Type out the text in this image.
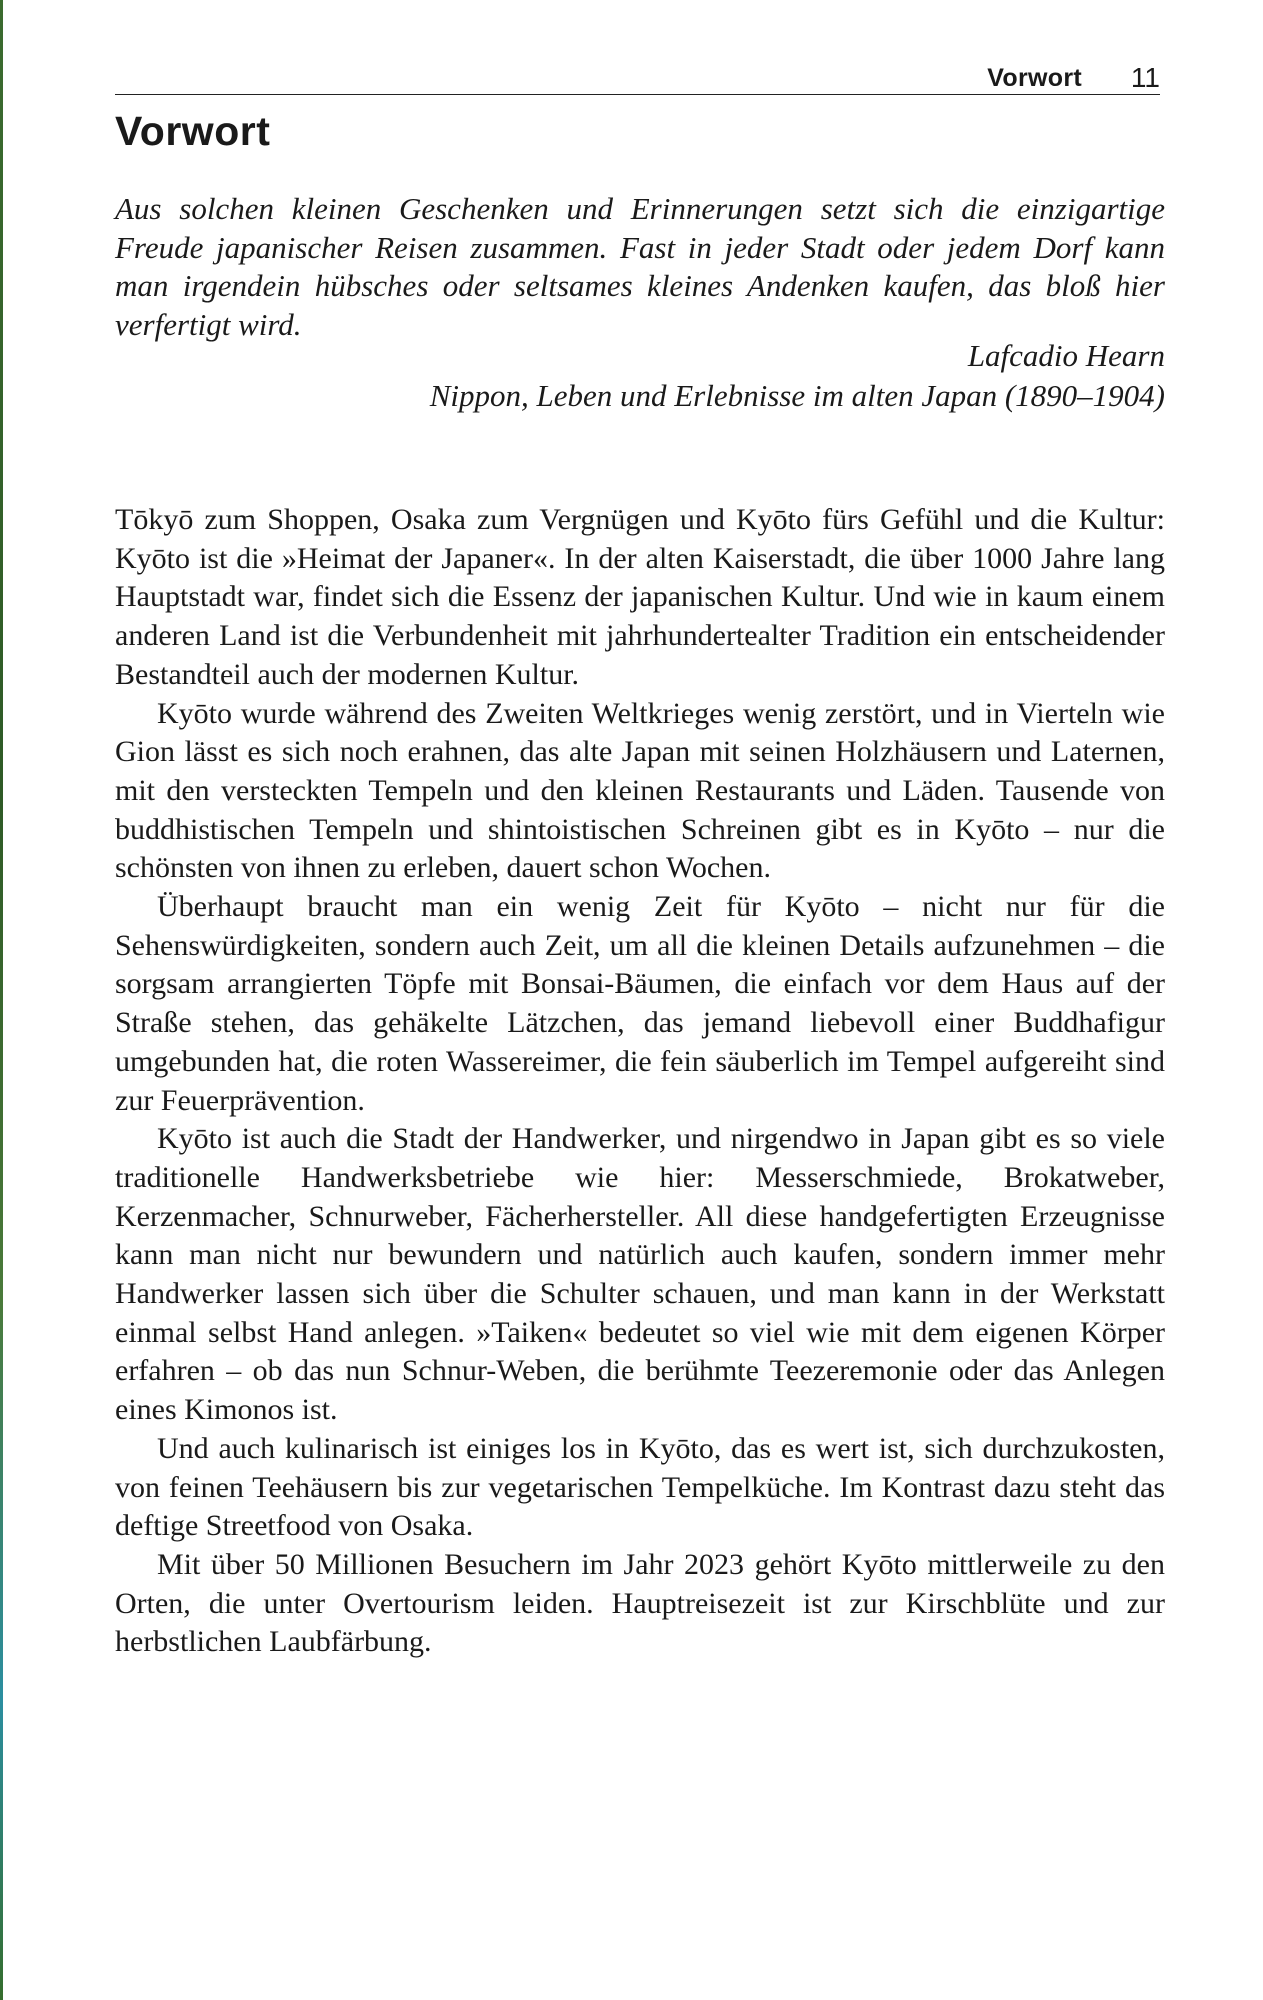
Vorwort 11
Vorwort

Aus solchen kleinen Geschenken und Erinnerungen setzt sich die einzigartige Freude japanischer Reisen zusammen. Fast in jeder Stadt oder jedem Dorf kann man irgendein hübsches oder seltsames kleines Andenken kaufen, das bloß hier verfertigt wird.

Lafcadio Hearn

Nippon, Leben und Erlebnisse im alten Japan (1890–1904)

Tōkyō zum Shoppen, Osaka zum Vergnügen und Kyōto fürs Gefühl und die Kultur: Kyōto ist die »Heimat der Japaner«. In der alten Kaiserstadt, die über 1000 Jahre lang Hauptstadt war, findet sich die Essenz der japanischen Kultur. Und wie in kaum einem anderen Land ist die Verbundenheit mit jahrhundertealter Tradition ein entscheidender Bestandteil auch der modernen Kultur.

Kyōto wurde während des Zweiten Weltkrieges wenig zerstört, und in Vierteln wie Gion lässt es sich noch erahnen, das alte Japan mit seinen Holzhäusern und Laternen, mit den versteckten Tempeln und den kleinen Restaurants und Läden. Tausende von buddhistischen Tempeln und shintoistischen Schreinen gibt es in Kyōto – nur die schönsten von ihnen zu erleben, dauert schon Wochen.

Überhaupt braucht man ein wenig Zeit für Kyōto – nicht nur für die Sehenswürdigkeiten, sondern auch Zeit, um all die kleinen Details aufzunehmen – die sorgsam arrangierten Töpfe mit Bonsai-Bäumen, die einfach vor dem Haus auf der Straße stehen, das gehäkelte Lätzchen, das jemand liebevoll einer Buddhafigur umgebunden hat, die roten Wassereimer, die fein säuberlich im Tempel aufgereiht sind zur Feuerprävention.

Kyōto ist auch die Stadt der Handwerker, und nirgendwo in Japan gibt es so viele traditionelle Handwerksbetriebe wie hier: Messerschmiede, Brokatweber, Kerzenmacher, Schnurweber, Fächerhersteller. All diese handgefertigten Erzeugnisse kann man nicht nur bewundern und natürlich auch kaufen, sondern immer mehr Handwerker lassen sich über die Schulter schauen, und man kann in der Werkstatt einmal selbst Hand anlegen. »Taiken« bedeutet so viel wie mit dem eigenen Körper erfahren – ob das nun Schnur-Weben, die berühmte Teezeremonie oder das Anlegen eines Kimonos ist.

Und auch kulinarisch ist einiges los in Kyōto, das es wert ist, sich durchzukosten, von feinen Teehäusern bis zur vegetarischen Tempelküche. Im Kontrast dazu steht das deftige Streetfood von Osaka.

Mit über 50 Millionen Besuchern im Jahr 2023 gehört Kyōto mittlerweile zu den Orten, die unter Overtourism leiden. Hauptreisezeit ist zur Kirschblüte und zur herbstlichen Laubfärbung.
